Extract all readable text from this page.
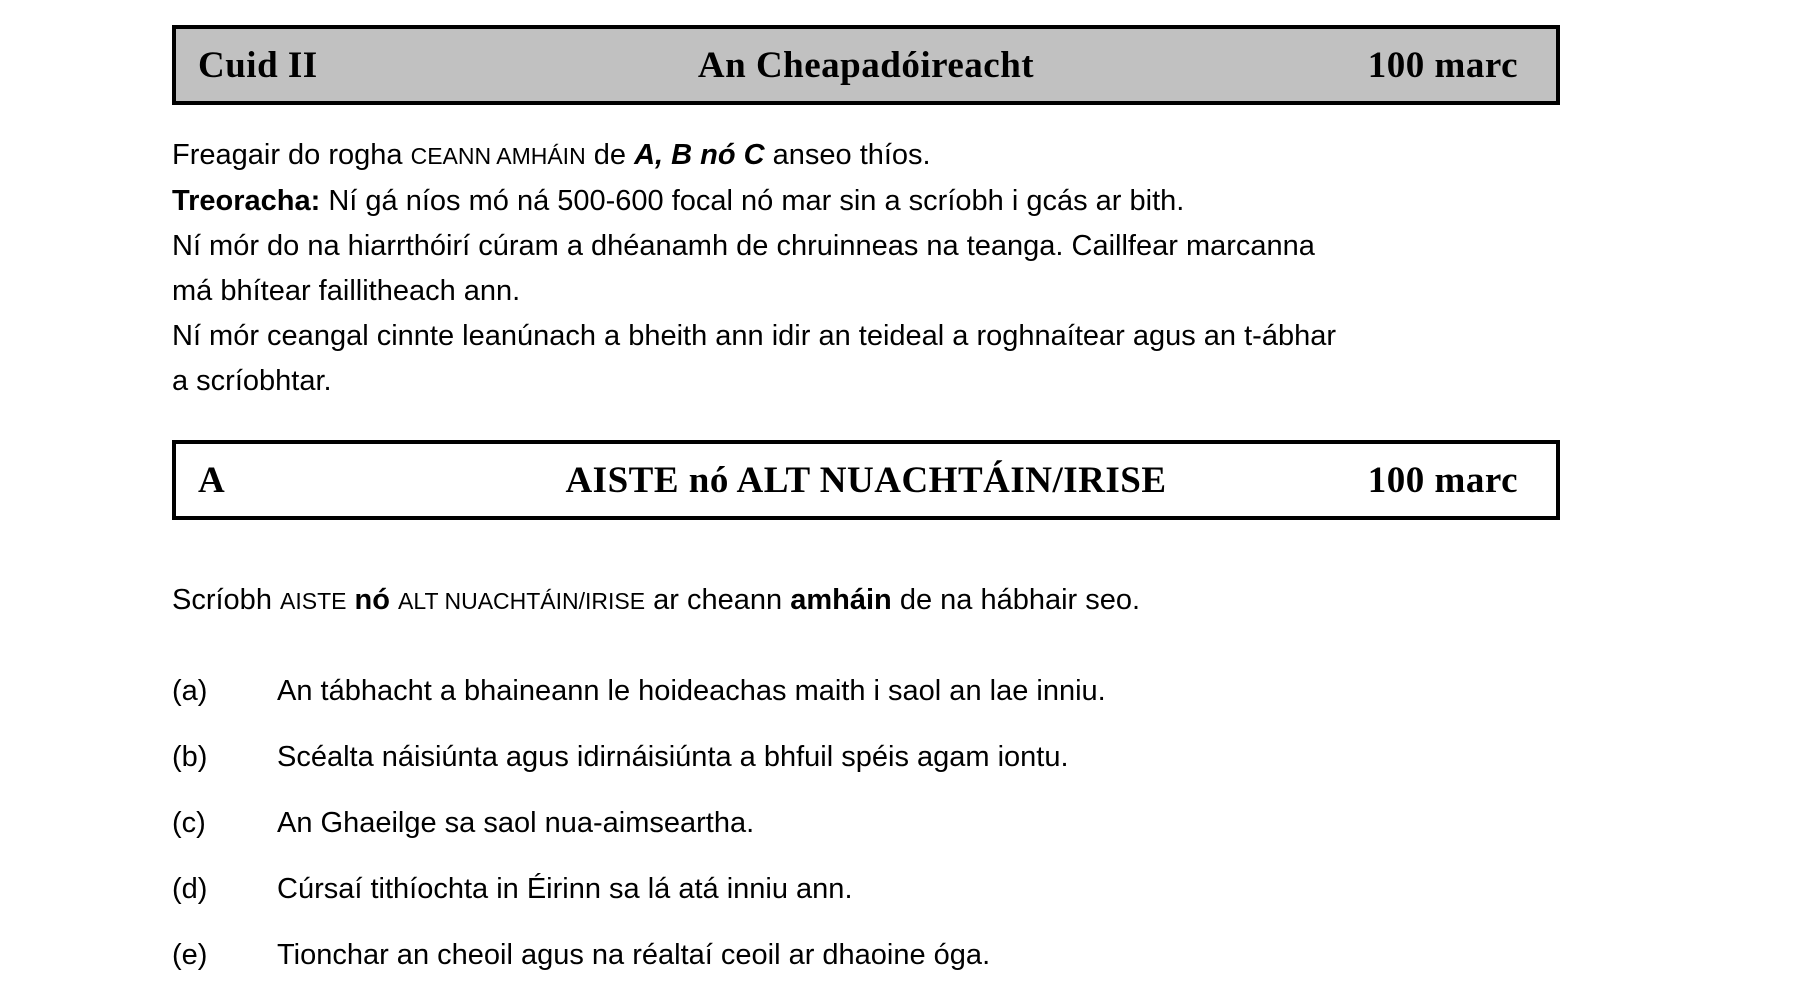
Cuid II	An Cheapadóireacht	100 marc
Freagair do rogha CEANN AMHÁIN de A, B nó C anseo thíos.
Treoracha: Ní gá níos mó ná 500-600 focal nó mar sin a scríobh i gcás ar bith.
Ní mór do na hiarrthóirí cúram a dhéanamh de chruinneas na teanga. Caillfear marcanna
má bhítear faillitheach ann.
Ní mór ceangal cinnte leanúnach a bheith ann idir an teideal a roghnaítear agus an t-ábhar
a scríobhtar.
A	AISTE nó ALT NUACHTÁIN/IRISE	100 marc
Scríobh AISTE nó ALT NUACHTÁIN/IRISE ar cheann amháin de na hábhair seo.
(a)	An tábhacht a bhaineann le hoideachas maith i saol an lae inniu.
(b)	Scéalta náisiúnta agus idirnáisiúnta a bhfuil spéis agam iontu.
(c)	An Ghaeilge sa saol nua-aimseartha.
(d)	Cúrsaí tithíochta in Éirinn sa lá atá inniu ann.
(e)	Tionchar an cheoil agus na réaltaí ceoil ar dhaoine óga.
